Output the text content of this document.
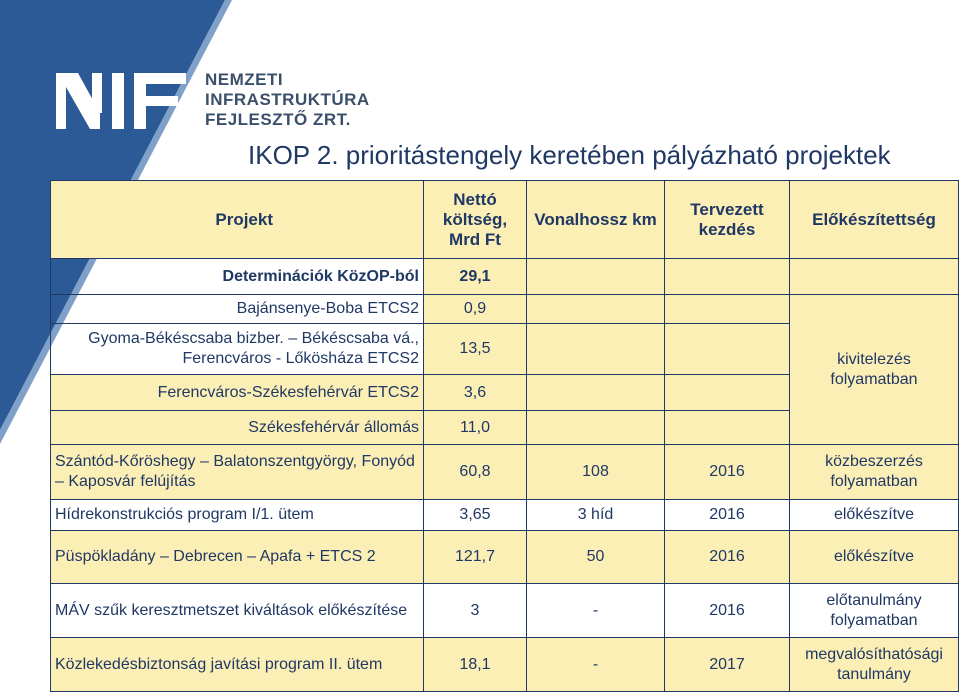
NEMZETI
INFRASTRUKTÚRA
FEJLESZTŐ ZRT.
IKOP 2. prioritástengely keretében pályázható projektek
Projekt	Nettó költség, Mrd Ft	Vonalhossz km	Tervezett kezdés	Előkészítettség
Determinációk KözOP-ból	29,1			
Bajánsenye-Boba ETCS2	0,9			kivitelezés folyamatban
Gyoma-Békéscsaba bizber. – Békéscsaba vá., Ferencváros - Lőkösháza ETCS2	13,5			
Ferencváros-Székesfehérvár ETCS2	3,6			
Székesfehérvár állomás	11,0			
Szántód-Kőröshegy – Balatonszentgyörgy, Fonyód – Kaposvár felújítás	60,8	108	2016	közbeszerzés folyamatban
Hídrekonstrukciós program I/1. ütem	3,65	3 híd	2016	előkészítve
Püspökladány – Debrecen – Apafa + ETCS 2	121,7	50	2016	előkészítve
MÁV szűk keresztmetszet kiváltások előkészítése	3	-	2016	előtanulmány folyamatban
Közlekedésbiztonság javítási program II. ütem	18,1	-	2017	megvalósíthatósági tanulmány
